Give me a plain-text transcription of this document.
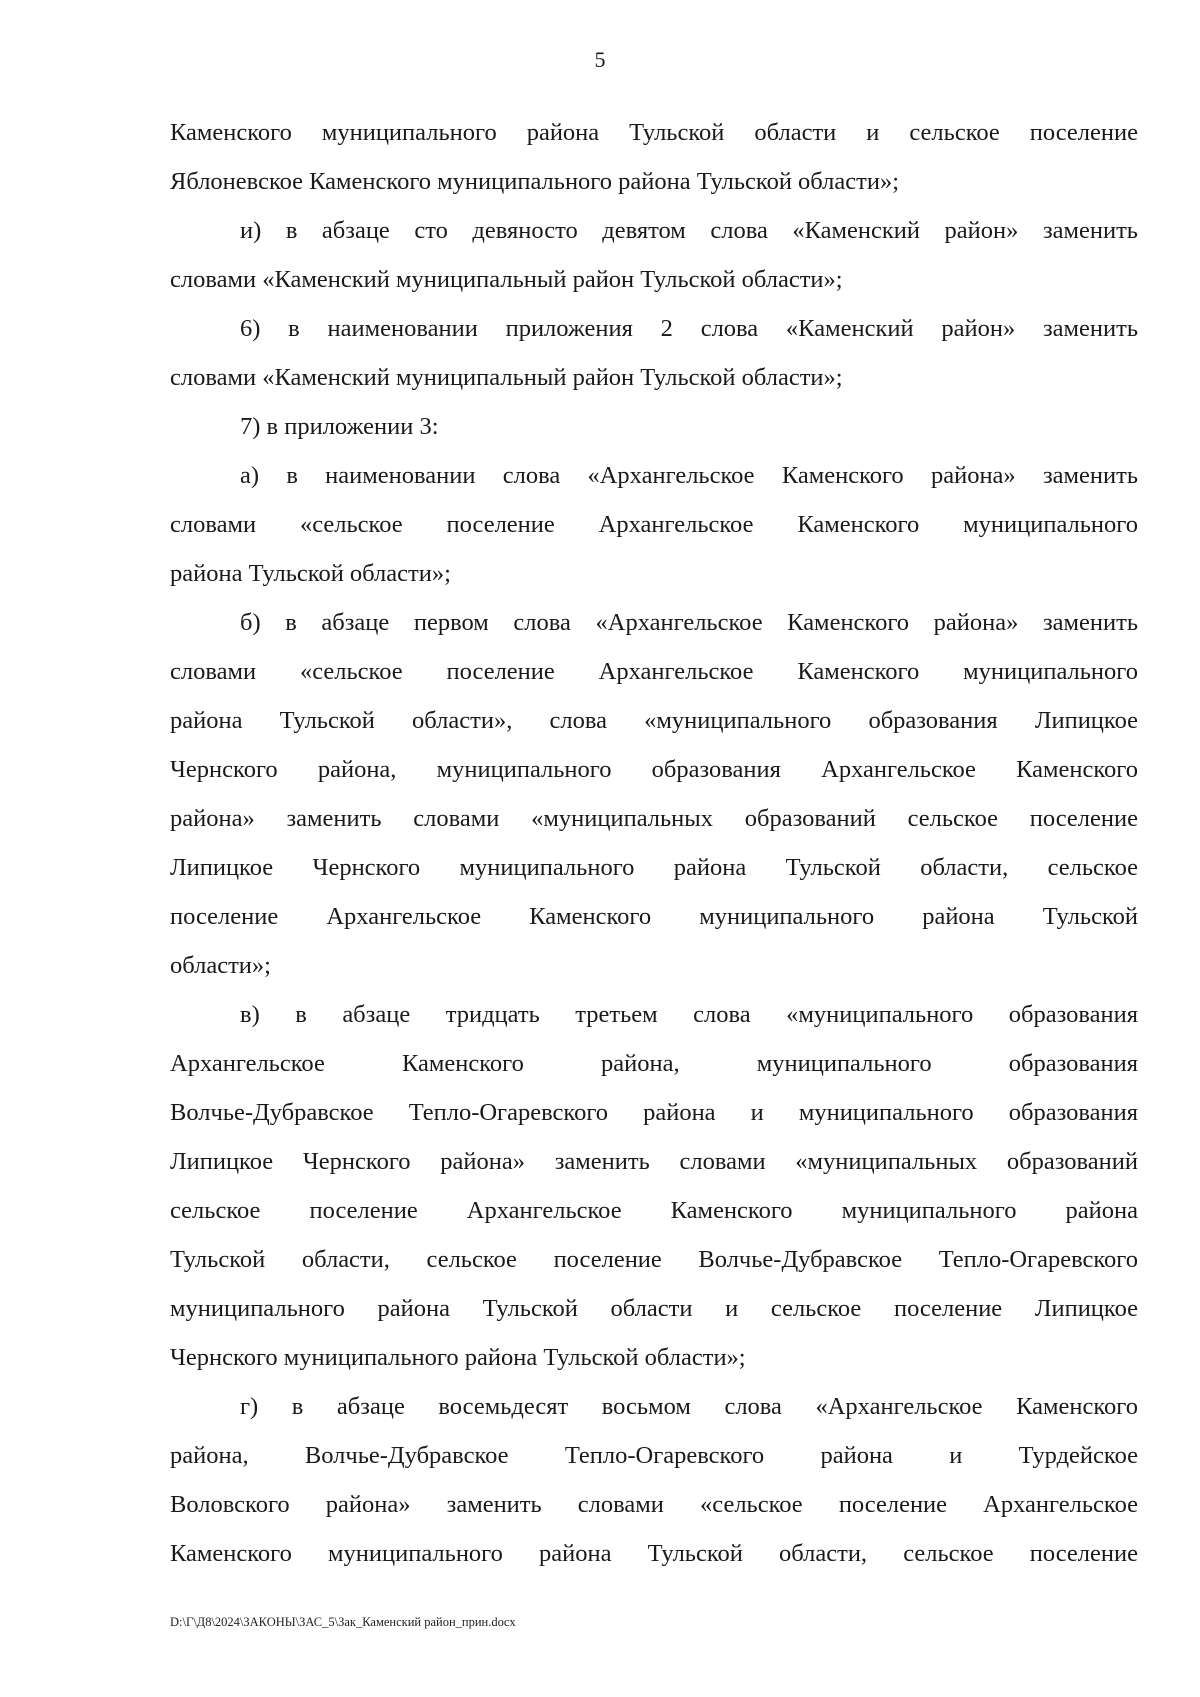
5
Каменского муниципального района Тульской области и сельское поселение
Яблоневское Каменского муниципального района Тульской области»;
и) в абзаце сто девяносто девятом слова «Каменский район» заменить
словами «Каменский муниципальный район Тульской области»;
6) в наименовании приложения 2 слова «Каменский район» заменить
словами «Каменский муниципальный район Тульской области»;
7) в приложении 3:
а) в наименовании слова «Архангельское Каменского района» заменить
словами «сельское поселение Архангельское Каменского муниципального
района Тульской области»;
б) в абзаце первом слова «Архангельское Каменского района» заменить
словами «сельское поселение Архангельское Каменского муниципального
района Тульской области», слова «муниципального образования Липицкое
Чернского района, муниципального образования Архангельское Каменского
района» заменить словами «муниципальных образований сельское поселение
Липицкое Чернского муниципального района Тульской области, сельское
поселение Архангельское Каменского муниципального района Тульской
области»;
в) в абзаце тридцать третьем слова «муниципального образования
Архангельское Каменского района, муниципального образования
Волчье-Дубравское Тепло-Огаревского района и муниципального образования
Липицкое Чернского района» заменить словами «муниципальных образований
сельское поселение Архангельское Каменского муниципального района
Тульской области, сельское поселение Волчье-Дубравское Тепло-Огаревского
муниципального района Тульской области и сельское поселение Липицкое
Чернского муниципального района Тульской области»;
г) в абзаце восемьдесят восьмом слова «Архангельское Каменского
района, Волчье-Дубравское Тепло-Огаревского района и Турдейское
Воловского района» заменить словами «сельское поселение Архангельское
Каменского муниципального района Тульской области, сельское поселение
D:\Г\Д8\2024\ЗАКОНЫ\ЗАС_5\Зак_Каменский район_прин.docx
